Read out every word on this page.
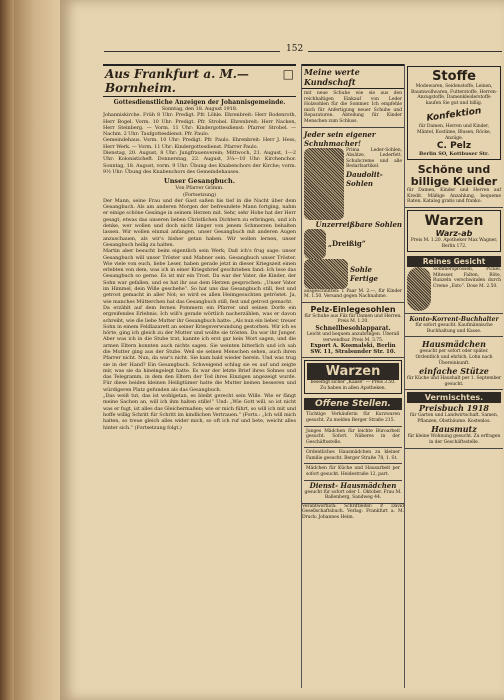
152
Aus Frankfurt a. M.—Bornheim.
□
Gottesdienstliche Anzeigen der Johannisgemeinde.
Sonntag, den 18. August 1918.
Johanniskirche. Früh 8 Uhr: Predigt. Pfr. Löhle. Ehrenbreit: Herr Bodenroth, Herr Bogel. Vorm. 10 Uhr: Predigt. Pfr. Strobel. Ehrenbreit: Herr Nacken, Herr Steinberg. — Vorm. 11 Uhr: Kindergottesdienst: Pfarrer Strobel. — Nachm. 2 Uhr: Taufgottesdienst. Pfr. Paulo.
Gemeindehaus. Vorm. 10 Uhr: Predigt. Pfr. Paulo. Ehrenbreit: Herr J. Hess, Herr Werk. — Vorm. 11 Uhr: Kindergottesdienst. Pfarrer Paulo.
Dienstag, 20. August, 8 Uhr: Jungfrauenverein; Mittwoch, 21. August, 1—2 Uhr: Kolonisticheft. Donnerstag, 22. August, 3¼—10 Uhr: Kirchenchor. Sonntag, 18. August, vorm. 9 Uhr: Übung des Knabenchors der Kirche; vorm. 9½ Uhr: Übung des Knabenchors des Gemeindehauses.
Unser Gesangbuch.
Von Pfarrer Grimm.
(Fortsetzung)
Der Mann, seine Frau und der Gast saßen bis tief in die Nacht über dem Gesangbuch. Als am anderen Morgen der befreundete Mann fortging, nahm er einige schöne Gesänge in seinem Herzen mit. Sehr, sehr Hohe hat der Herr gesagt, etwas das unseren lieben Christlichen Dichtern zu erbringen, und ich denke, wer wollen und doch nicht länger von jenem Schmerzen behalten lassen. Wir wollen einmal anfangen, unser Gesangbuch mit anderen Augen anzuschauen, als wir's bisher getan haben. Wir wollen lernen, unser Gesangbuch heilig zu halten.
Martin aber besucht beim eigentlich sein Werk; Daß ich's frug sage: unser Gesangbuch will unser Tröster und Mahner sein. Gesangbuch unser Tröster. Wie viele von euch, liebe Leser, haben gerade jetzt in dieser Kriegszeit einen erlebten von dem, was ich in einer Kriegsbrief geschrieben fand: Ich lese das Gesangbuch so gerne. Es ist mir ein Trost. Da war der Vater, die Kinder, der Sohn war gefallen, und es hat ihr aus dem Herzen gesprochen: „Unser Vater im Himmel, dein Wille geschehe“. So hat uns das Gesangbuch still, fest und getrost gemacht in aller Not; so wird es allen Heimgesuchten getröstet. Ja, wie manches Mütterchen hat das Gesangbuch still, fest und getrost gemacht.
Da erzählt auf dem fernen Pommern ein Pfarrer und seinen Dorfe ein ergreifendes Erlebnis. Ich will's gerade wörtlich nacherzählen, was er davon schreibt, wie die liebe Mutter ihr Gesangbuch hatte: „Als nun ein lieber, treuer Sohn in einem Feldlazarett an seiner Kriegsverwundung gestorben. Wir ich es hörte, ging ich gleich zu der Mutter und wollte sie trösten. Da war ihr Junger. Aber was ich in die Stube trat, kannte ich erst gar kein Wort sagen, und die armen Eltern konnten auch nichts sagen. Sie weinten bitterlich und ich sah die Mutter ging aus der Stube. Weil sie seinen Menschen sehen, auch ihren Pfarrer nicht. Nun, da war's nicht. Sie kam bald wieder herein. Und was trug sie in der Hand? Ein Gesangbuch. Schweigend schlug sie es auf und zeigte mir, was sie da hineingelegt hatte. Es war der letzte Brief ihres Sohnes und das Telegramm, in dem den Eltern der Tod ihres Einzigen angezeigt wurde. Für diese beiden kleinen Heiligtümer hatte die Mutter keinen besseren und würdigeren Platz gefunden als das Gesangbuch.
„Das weiß tut, das ist wohlgetan, es bleibt gerecht sein Wille. Wie er fängt meine Sachen an, will ich ihm halten stille!“ Und: „Wie Gott will, so ist nicht was er fugt, ist alles das Gleichermaßen; wie er mich führt, so will ich mit und hoffe willig Schritt für Schritt im kindlichen Vertrauen.“ (Forts.: „Ich will mich halten, so treue gleich alles wider mich, so oft ich ruf und bete, weicht alles hinter sich.“ (Fortsetzung folgt.)
Meine werte Kundschaft
mit neue Schuhe wie sie aus den reichhaltigen Einkauf von Leder Holzsohlen für die Sommer. Ich empfehle mich für Anfertigung neuer Schuhe und Reparaturen. Abteilung für Kinder Menschen zum Schluss.
Jeder sein eigener Schuhmacher!
Prima Leder-Sohlen, Absätze, Lederfett, Schuhcreme und alle Bedarfsartikel.
Daudolit-Sohlen
Unzerreißbare Sohlen
„Dreißig“
Sohle Fertige
ausgeschnitten: 1 Paar M. 2.—, für Kinder M. 1.50. Versand gegen Nachnahme.
Pelz-Einlegesohlen
für Schuhe aus Filz für Damen und Herren. Preis M. 1.20.
Schnellbesohlapparat.
Leicht und bequem anzubringen. Überall verwendbar. Preis M. 3.75.
Export A. Kosmalski, Berlin SW. 11, Stralsunder Str. 10.
Warzen
beseitigt sicher „Kaase“ — Preis 3.50. Zu haben in allen Apotheken.
Offene Stellen.
Tüchtige Verkäuferin für Kurzwaren gesucht. Zu melden Berger Straße 215.
Junges Mädchen für leichte Büroarbeit gesucht. Sofort. Näheres in der Geschäftsstelle.
Ordentliches Hausmädchen zu kleiner Familie gesucht. Berger Straße 78, 1. St.
Mädchen für Küche und Hausarbeit per sofort gesucht. Heidestraße 12, part.
Dienst- Hausmädchen
gesucht für sofort oder 1. Oktober. Frau M. Ballenberg, Sandweg 44.
Verantwortlich: Schriftleiter: P. David Gesellschaftsbuch. Verlag: Frankfurt a. M. Druck: Johannes Heim.
Stoffe
Modewaren, Seidenstoffe, Leinen, Baumwollwaren, Futterstoffe, Herren-Anzugstoffe, Damenkleiderstoffe kaufen Sie gut und billig.
Konfektion
für Damen, Herren und Kinder, Mäntel, Kostüme, Blusen, Röcke, Anzüge.
C. Pelz
Berlin SO, Kottbuser Str.
Schöne und billige Kleider
für Damen, Kinder und Herren auf Kredit. Mäßige Anzahlung, bequeme Raten. Katalog gratis und franko.
Warzen
Warz-ab
Preis M. 1.20. Apotheker Max Wagner, Berlin 172.
Reines Gesicht
Sommersprossen, Pickel, Mitesser, Falten, Röte, Runzeln verschwinden durch Creme „Esto“. Dose M. 2.50.
Konto-Korrent-Buchhalter
für sofort gesucht. Kaufmännische Buchhaltung und Kasse.
Hausmädchen
gesucht per sofort oder später. Ordentlich und ehrlich. Lohn nach Übereinkunft.
einfache Stütze
für Küche und Haushalt per 1. September gesucht.
Vermischtes.
Preisbuch 1918
für Garten und Landwirtschaft. Samen, Pflanzen, Obstbäume. Kostenlos.
Hausmutz
für kleine Wohnung gesucht. Zu erfragen in der Geschäftsstelle.
